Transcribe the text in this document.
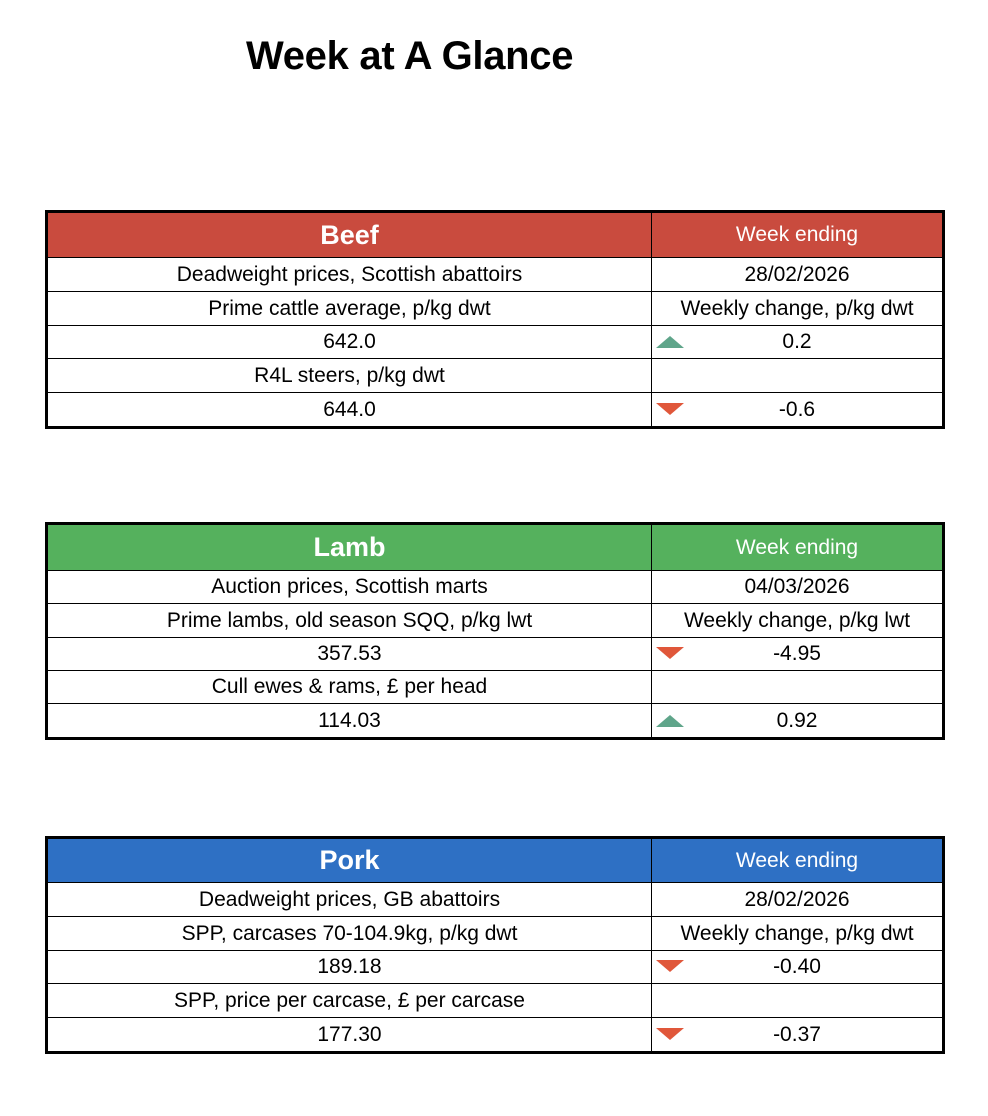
Week at A Glance
Beef	Week ending
Deadweight prices, Scottish abattoirs	28/02/2026
Prime cattle average, p/kg dwt	Weekly change, p/kg dwt
642.0	0.2
R4L steers, p/kg dwt
644.0	-0.6
Lamb	Week ending
Auction prices, Scottish marts	04/03/2026
Prime lambs, old season SQQ, p/kg lwt	Weekly change, p/kg lwt
357.53	-4.95
Cull ewes & rams, £ per head
114.03	0.92
Pork	Week ending
Deadweight prices, GB abattoirs	28/02/2026
SPP, carcases 70-104.9kg, p/kg dwt	Weekly change, p/kg dwt
189.18	-0.40
SPP, price per carcase, £ per carcase
177.30	-0.37
